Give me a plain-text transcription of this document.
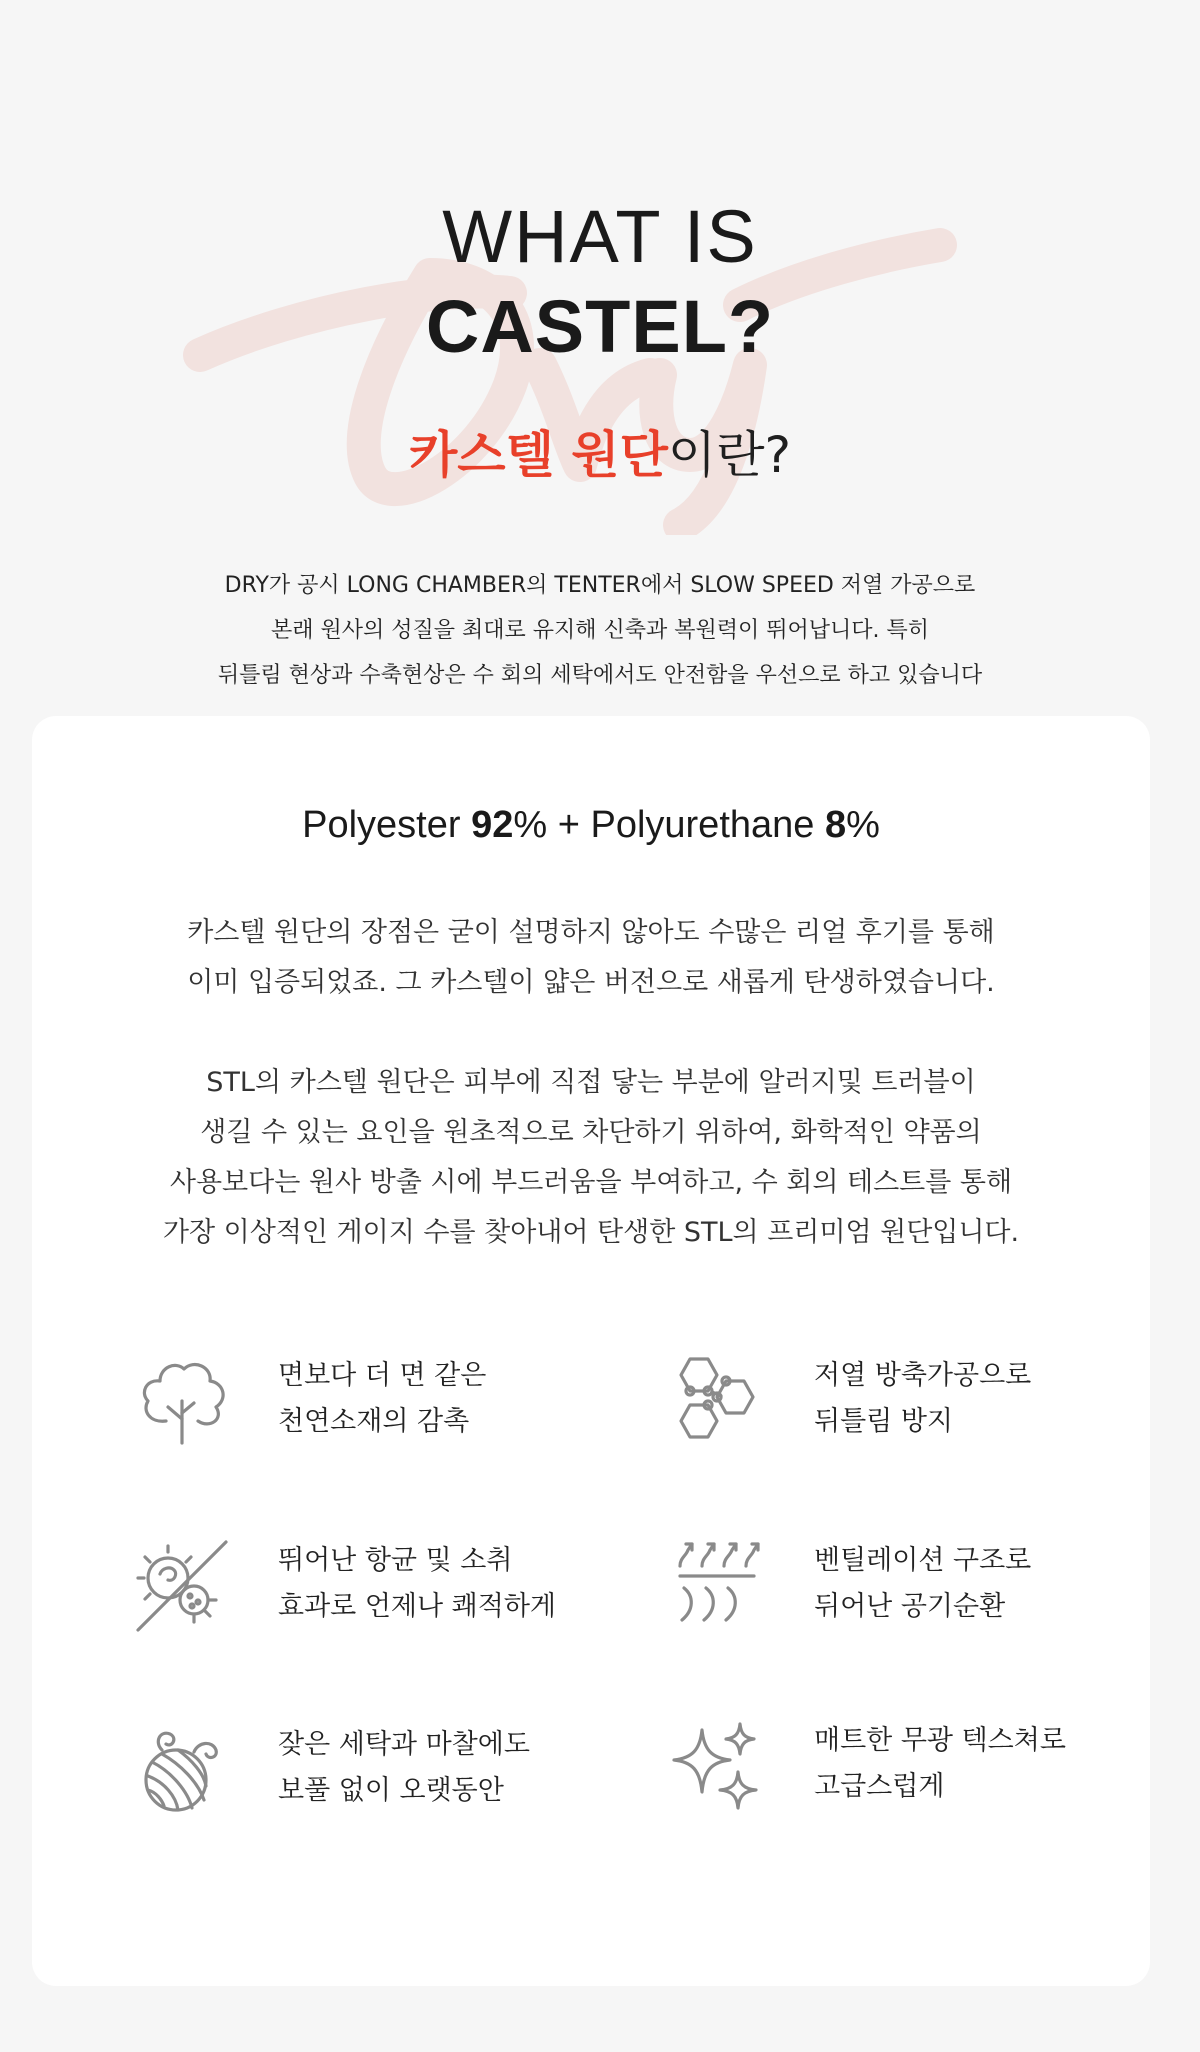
WHAT IS
CASTEL?
카스텔 원단이란?
DRY가 공시 LONG CHAMBER의 TENTER에서 SLOW SPEED 저열 가공으로
본래 원사의 성질을 최대로 유지해 신축과 복원력이 뛰어납니다. 특히
뒤틀림 현상과 수축현상은 수 회의 세탁에서도 안전함을 우선으로 하고 있습니다
Polyester 92% + Polyurethane 8%
카스텔 원단의 장점은 굳이 설명하지 않아도 수많은 리얼 후기를 통해
이미 입증되었죠. 그 카스텔이 얇은 버전으로 새롭게 탄생하였습니다.
STL의 카스텔 원단은 피부에 직접 닿는 부분에 알러지및 트러블이
생길 수 있는 요인을 원초적으로 차단하기 위하여, 화학적인 약품의
사용보다는 원사 방출 시에 부드러움을 부여하고, 수 회의 테스트를 통해
가장 이상적인 게이지 수를 찾아내어 탄생한 STL의 프리미엄 원단입니다.
면보다 더 면 같은
천연소재의 감촉
저열 방축가공으로
뒤틀림 방지
뛰어난 항균 및 소취
효과로 언제나 쾌적하게
벤틸레이션 구조로
뒤어난 공기순환
잦은 세탁과 마찰에도
보풀 없이 오랫동안
매트한 무광 텍스쳐로
고급스럽게
